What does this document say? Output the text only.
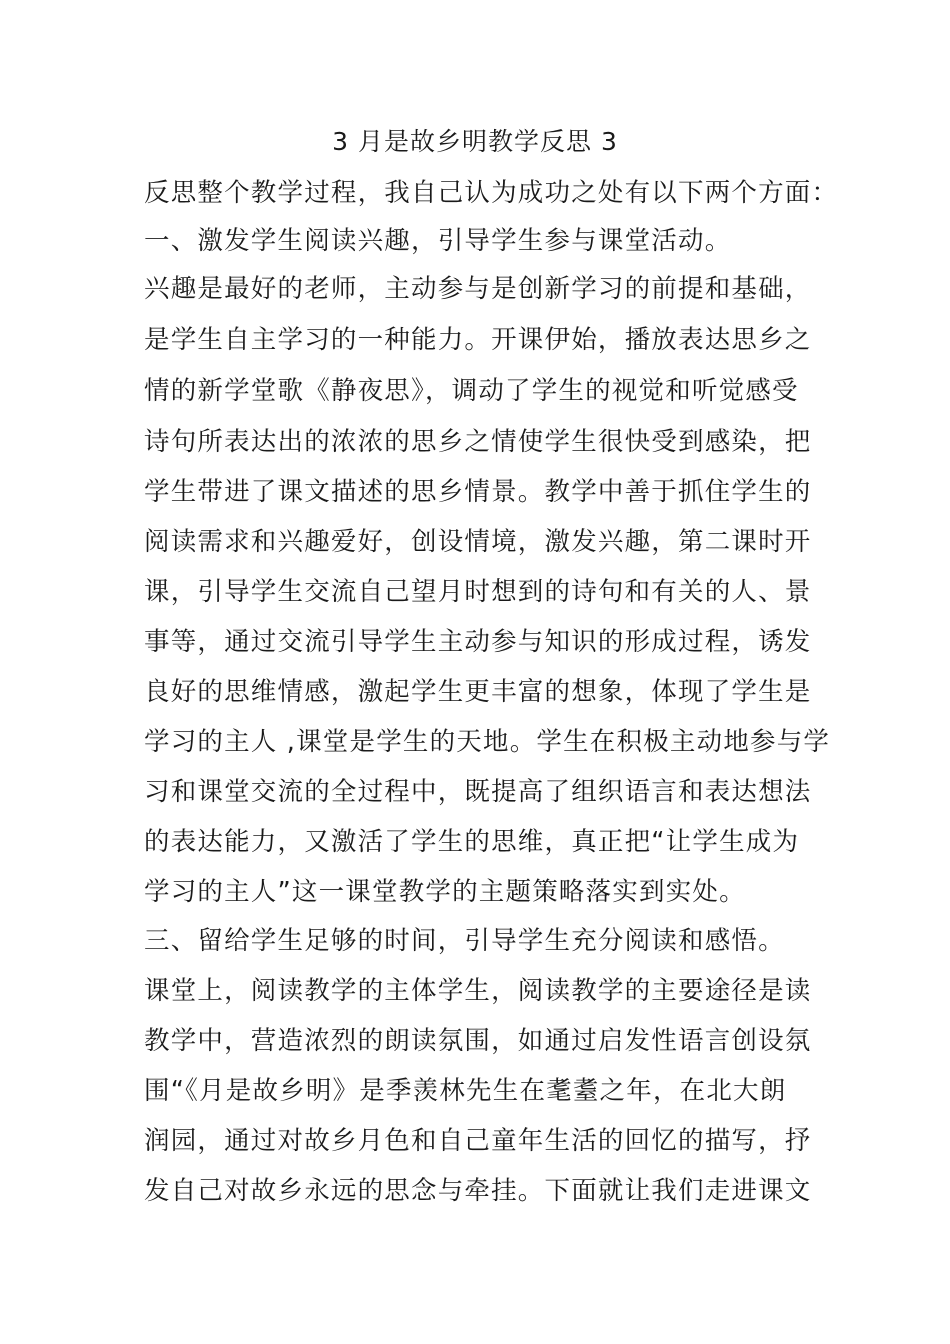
3 月是故乡明教学反思 3
反思整个教学过程，我自己认为成功之处有以下两个方面：
一、激发学生阅读兴趣，引导学生参与课堂活动。
兴趣是最好的老师，主动参与是创新学习的前提和基础，
是学生自主学习的一种能力。开课伊始，播放表达思乡之
情的新学堂歌《静夜思》，调动了学生的视觉和听觉感受
诗句所表达出的浓浓的思乡之情使学生很快受到感染，把
学生带进了课文描述的思乡情景。教学中善于抓住学生的
阅读需求和兴趣爱好，创设情境，激发兴趣，第二课时开
课，引导学生交流自己望月时想到的诗句和有关的人、景
事等，通过交流引导学生主动参与知识的形成过程，诱发
良好的思维情感，激起学生更丰富的想象，体现了学生是
学习的主人 ,课堂是学生的天地。学生在积极主动地参与学
习和课堂交流的全过程中，既提高了组织语言和表达想法
的表达能力，又激活了学生的思维，真正把“让学生成为
学习的主人”这一课堂教学的主题策略落实到实处。
三、留给学生足够的时间，引导学生充分阅读和感悟。
课堂上，阅读教学的主体学生，阅读教学的主要途径是读
教学中，营造浓烈的朗读氛围，如通过启发性语言创设氛
围“《月是故乡明》是季羡林先生在耄耋之年，在北大朗
润园，通过对故乡月色和自己童年生活的回忆的描写，抒
发自己对故乡永远的思念与牵挂。下面就让我们走进课文
